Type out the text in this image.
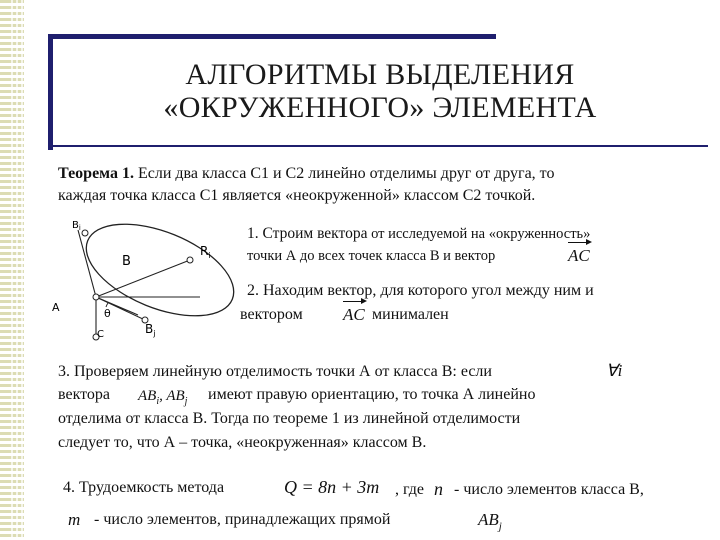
АЛГОРИТМЫ ВЫДЕЛЕНИЯ
«ОКРУЖЕННОГО» ЭЛЕМЕНТА
Теорема 1. Если два класса С1 и С2 линейно отделимы друг от друга, то
каждая точка класса С1 является «неокруженной» классом С2 точкой.
$B_i$
B
$R_i$
A	θ
C	$B_j$
1. Строим вектора от исследуемой на «окруженность»
точки А до всех точек класса В и вектор	AC
2. Находим вектор, для которого угол между ним и
вектором AC минимален
3. Проверяем линейную отделимость точки А от класса В: если	∀i
вектора $AB_i$, $AB_j$ имеют правую ориентацию, то точка А линейно
отделима от класса В. Тогда по теореме 1 из линейной отделимости
следует то, что А – точка, «неокруженная» классом В.
4. Трудоемкость метода	Q = 8n + 3m , где n - число элементов класса В,
m - число элементов, принадлежащих прямой	$AB_j$
